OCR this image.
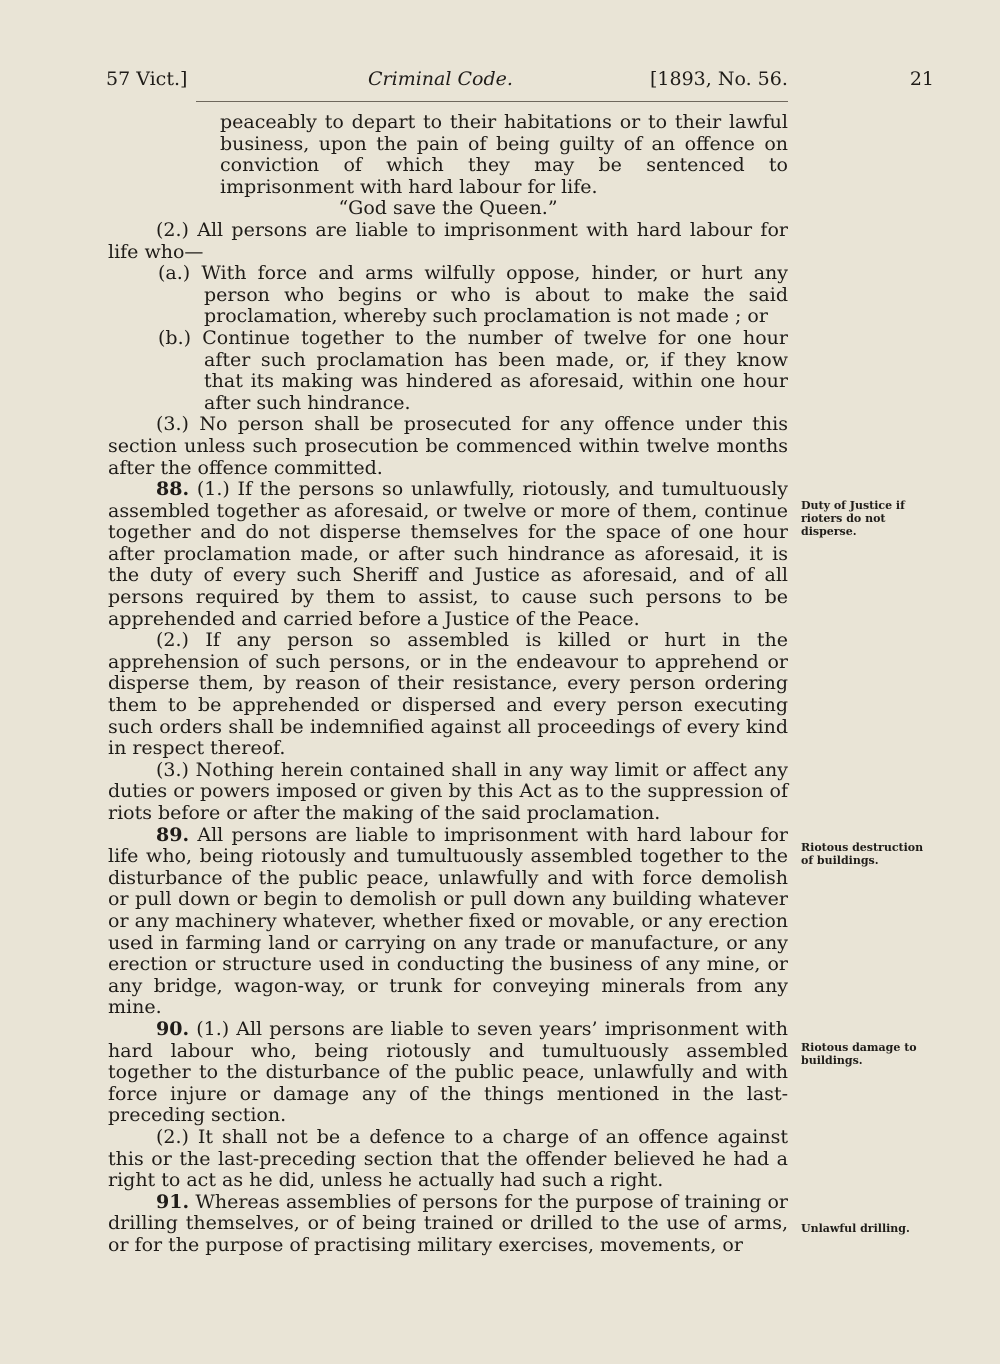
57 Vict.]	Criminal Code.	[1893, No. 56.	21

peaceably to depart to their habitations or to their lawful business, upon the pain of being guilty of an offence on conviction of which they may be sentenced to imprisonment with hard labour for life.

“God save the Queen.”

(2.) All persons are liable to imprisonment with hard labour for life who—

(a.) With force and arms wilfully oppose, hinder, or hurt any person who begins or who is about to make the said proclamation, whereby such proclamation is not made ; or

(b.) Continue together to the number of twelve for one hour after such proclamation has been made, or, if they know that its making was hindered as aforesaid, within one hour after such hindrance.

(3.) No person shall be prosecuted for any offence under this section unless such prosecution be commenced within twelve months after the offence committed.

88. (1.) If the persons so unlawfully, riotously, and tumultuously assembled together as aforesaid, or twelve or more of them, continue together and do not disperse themselves for the space of one hour after proclamation made, or after such hindrance as aforesaid, it is the duty of every such Sheriff and Justice as aforesaid, and of all persons required by them to assist, to cause such persons to be apprehended and carried before a Justice of the Peace.

(2.) If any person so assembled is killed or hurt in the apprehension of such persons, or in the endeavour to apprehend or disperse them, by reason of their resistance, every person ordering them to be apprehended or dispersed and every person executing such orders shall be indemnified against all proceedings of every kind in respect thereof.

(3.) Nothing herein contained shall in any way limit or affect any duties or powers imposed or given by this Act as to the suppression of riots before or after the making of the said proclamation.

89. All persons are liable to imprisonment with hard labour for life who, being riotously and tumultuously assembled together to the disturbance of the public peace, unlawfully and with force demolish or pull down or begin to demolish or pull down any building whatever or any machinery whatever, whether fixed or movable, or any erection used in farming land or carrying on any trade or manufacture, or any erection or structure used in conducting the business of any mine, or any bridge, wagon-way, or trunk for conveying minerals from any mine.

90. (1.) All persons are liable to seven years’ imprisonment with hard labour who, being riotously and tumultuously assembled together to the disturbance of the public peace, unlawfully and with force injure or damage any of the things mentioned in the last-preceding section.

(2.) It shall not be a defence to a charge of an offence against this or the last-preceding section that the offender believed he had a right to act as he did, unless he actually had such a right.

91. Whereas assemblies of persons for the purpose of training or drilling themselves, or of being trained or drilled to the use of arms, or for the purpose of practising military exercises, movements, or

Duty of Justice if
rioters do not
disperse.
Riotous destruction
of buildings.
Riotous damage to
buildings.
Unlawful drilling.
